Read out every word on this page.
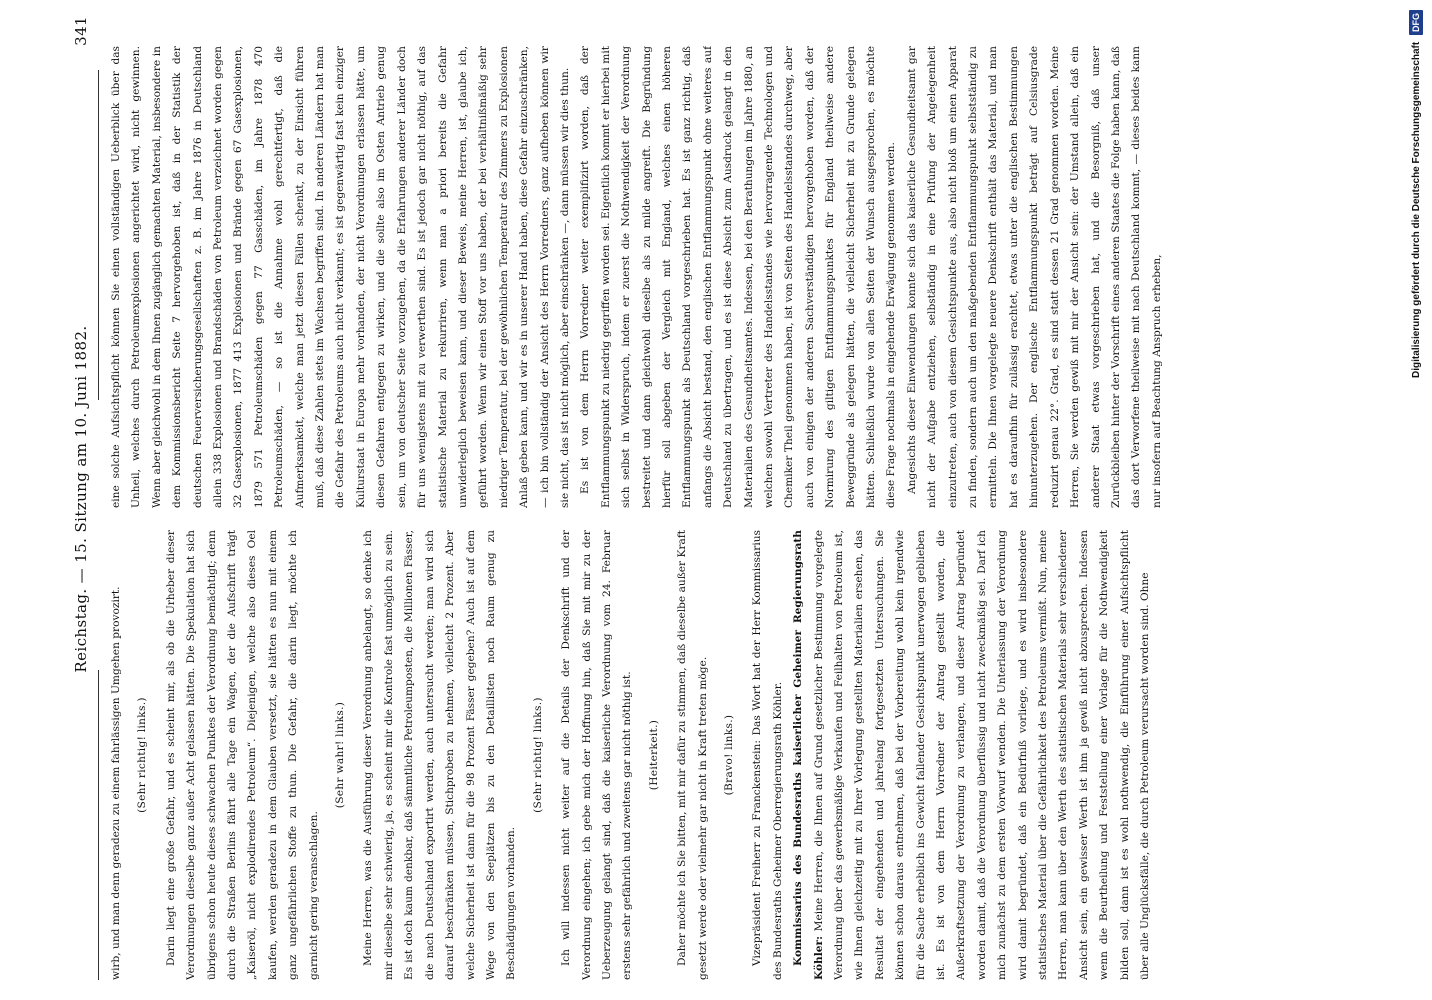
Reichstag. — 15. Sitzung am 10. Juni 1882.
341

wirb, und man denn geradezu zu einem fahrlässigen Umgehen provozirt.	(Sehr richtig! links.)	Darin liegt eine große Gefahr, und es scheint mir, als ob die Urheber dieser Verordnungen dieselbe ganz außer Acht gelassen hätten. Die Spekulation hat sich übrigens schon heute dieses schwachen Punktes der Verordnung bemächtigt; denn durch die Straßen Berlins fährt alle Tage ein Wagen, der die Aufschrift trägt „Kaiseröl, nicht explodirendes Petroleum“. Diejenigen, welche also dieses Oel kaufen, werden geradezu in dem Glauben versetzt, sie hätten es nun mit einem ganz ungefährlichen Stoffe zu thun. Die Gefahr, die darin liegt, möchte ich garnicht gering veranschlagen.

(Sehr wahr! links.)	Meine Herren, was die Ausführung dieser Verordnung anbelangt, so denke ich mir dieselbe sehr schwierig, ja, es scheint mir die Kontrole fast unmöglich zu sein. Es ist doch kaum denkbar, daß sämmtliche Petroleumposten, die Millionen Fässer, die nach Deutschland exportirt werden, auch untersucht werden; man wird sich darauf beschränken müssen, Stichproben zu nehmen, vielleicht 2 Prozent. Aber welche Sicherheit ist dann für die 98 Prozent Fässer gegeben? Auch ist auf dem Wege von den Seeplätzen bis zu den Detaillisten noch Raum genug zu Beschädigungen vorhanden.

(Sehr richtig! links.)	Ich will indessen nicht weiter auf die Details der Denkschrift und der Verordnung eingehen; ich gebe mich der Hoffnung hin, daß Sie mit mir zu der Ueberzeugung gelangt sind, daß die kaiserliche Verordnung vom 24. Februar erstens sehr gefährlich und zweitens gar nicht nöthig ist.	(Heiterkeit.)	Daher möchte ich Sie bitten, mit mir dafür zu stimmen, daß dieselbe außer Kraft gesetzt werde oder vielmehr gar nicht in Kraft treten möge.	(Bravo! links.)	Vizepräsident Freiherr zu Franckenstein: Das Wort hat der Herr Kommissarius des Bundesraths Geheimer Oberregierungsrath Köhler. Kommissarius des Bundesraths kaiserlicher Geheimer Regierungsrath Köhler: Meine Herren, die Ihnen auf Grund gesetzlicher Bestimmung vorgelegte Verordnung über das gewerbsmäßige Verkaufen und Feilhalten von Petroleum ist, wie Ihnen gleichzeitig mit zu Ihrer Vorlegung gestellten Materialien ersehen, das Resultat der eingehenden und jahrelang fortgesetzten Untersuchungen. Sie können schon daraus entnehmen, daß bei der Vorbereitung wohl kein irgendwie für die Sache erheblich ins Gewicht fallender Gesichtspunkt unerwogen geblieben ist. Es ist von dem Herrn Vorredner der Antrag gestellt worden, die Außerkraftsetzung der Verordnung zu verlangen, und dieser Antrag begründet worden damit, daß die Verordnung überflüssig und nicht zweckmäßig sei. Darf ich mich zunächst zu dem ersten Vorwurf wenden. Die Unterlassung der Verordnung wird damit begründet, daß ein Bedürfniß vorliege, und es wird insbesondere statistisches Material über die Gefährlichkeit des Petroleums vermißt. Nun, meine Herren, man kann über den Werth des statistischen Materials sehr verschiedener Ansicht sein, ein gewisser Werth ist ihm ja gewiß nicht abzusprechen. Indessen wenn die Beurtheilung und Feststellung einer Vorlage für die Nothwendigkeit bilden soll, dann ist es wohl nothwendig, die Einführung einer Aufsichtspflicht über alle Unglücksfälle, die durch Petroleum verursacht worden sind. Ohne

eine solche Aufsichtspflicht können Sie einen vollständigen Ueberblick über das Unheil, welches durch Petroleumexplosionen angerichtet wird, nicht gewinnen. Wenn aber gleichwohl in dem Ihnen zugänglich gemachten Material, insbesondere in dem Kommissionsbericht Seite 7 hervorgehoben ist, daß in der Statistik der deutschen Feuerversicherungsgesellschaften z. B. im Jahre 1876 in Deutschland allein 338 Explosionen und Brandschäden von Petroleum verzeichnet worden gegen 32 Gasexplosionen, 1877 413 Explosionen und Brände gegen 67 Gasexplosionen, 1879 571 Petroleumschäden gegen 77 Gasschäden, im Jahre 1878 470 Petroleumschäden, — so ist die Annahme wohl gerechtfertigt, daß die Aufmerksamkeit, welche man jetzt diesen Fällen schenkt, zu der Einsicht führen muß, daß diese Zahlen stets im Wachsen begriffen sind. In anderen Ländern hat man die Gefahr des Petroleums auch nicht verkannt; es ist gegenwärtig fast kein einziger Kulturstaat in Europa mehr vorhanden, der nicht Verordnungen erlassen hätte, um diesen Gefahren entgegen zu wirken, und die sollte also im Osten Antrieb genug sein, um von deutscher Seite vorzugehen, da die Erfahrungen anderer Länder doch für uns wenigstens mit zu verwerthen sind. Es ist jedoch gar nicht nöthig, auf das statistische Material zu rekurriren, wenn man a priori bereits die Gefahr unwiderleglich beweisen kann, und dieser Beweis, meine Herren, ist, glaube ich, geführt worden. Wenn wir einen Stoff vor uns haben, der bei verhältnißmäßig sehr niedriger Temperatur, bei der gewöhnlichen Temperatur des Zimmers zu Explosionen Anlaß geben kann, und wir es in unserer Hand haben, diese Gefahr einzuschränken, — ich bin vollständig der Ansicht des Herrn Vorredners, ganz aufheben können wir sie nicht, das ist nicht möglich, aber einschränken —, dann müssen wir dies thun. Es ist von dem Herrn Vorredner weiter exemplifizirt worden, daß der Entflammungspunkt zu niedrig gegriffen worden sei. Eigentlich kommt er hierbei mit sich selbst in Widerspruch, indem er zuerst die Nothwendigkeit der Verordnung bestreitet und dann gleichwohl dieselbe als zu milde angreift. Die Begründung hierfür soll abgeben der Vergleich mit England, welches einen höheren Entflammungspunkt als Deutschland vorgeschrieben hat. Es ist ganz richtig, daß anfangs die Absicht bestand, den englischen Entflammungspunkt ohne weiteres auf Deutschland zu übertragen, und es ist diese Absicht zum Ausdruck gelangt in den Materialien des Gesundheitsamtes. Indessen, bei den Berathungen im Jahre 1880, an welchen sowohl Vertreter des Handelsstandes wie hervorragende Technologen und Chemiker Theil genommen haben, ist von Seiten des Handelsstandes durchweg, aber auch von einigen der anderen Sachverständigen hervorgehoben worden, daß der Normirung des giltigen Entflammungspunktes für England theilweise andere Beweggründe als gelegen hätten, die vielleicht Sicherheit mit zu Grunde gelegen hätten. Schließlich wurde von allen Seiten der Wunsch ausgesprochen, es möchte diese Frage nochmals in eingehende Erwägung genommen werden. Angesichts dieser Einwendungen konnte sich das kaiserliche Gesundheitsamt gar nicht der Aufgabe entziehen, selbständig in eine Prüfung der Angelegenheit einzutreten, auch von diesem Gesichtspunkte aus, also nicht bloß um einen Apparat zu finden, sondern auch um den maßgebenden Entflammungspunkt selbstständig zu ermitteln. Die Ihnen vorgelegte neuere Denkschrift enthält das Material, und man hat es daraufhin für zulässig erachtet, etwas unter die englischen Bestimmungen hinunterzugehen. Der englische Entflammungspunkt beträgt auf Celsiusgrade reduzirt genau 22°. Grad, es sind statt dessen 21 Grad genommen worden. Meine Herren, Sie werden gewiß mit mir der Ansicht sein: der Umstand allein, daß ein anderer Staat etwas vorgeschrieben hat, und die Besorgniß, daß unser Zurückbleiben hinter der Vorschrift eines anderen Staates die Folge haben kann, daß das dort Verworfene theilweise mit nach Deutschland kommt, — dieses beides kann nur insofern auf Beachtung Anspruch erheben,

Digitalisierung gefördert durch die Deutsche Forschungsgemeinschaft DFG
